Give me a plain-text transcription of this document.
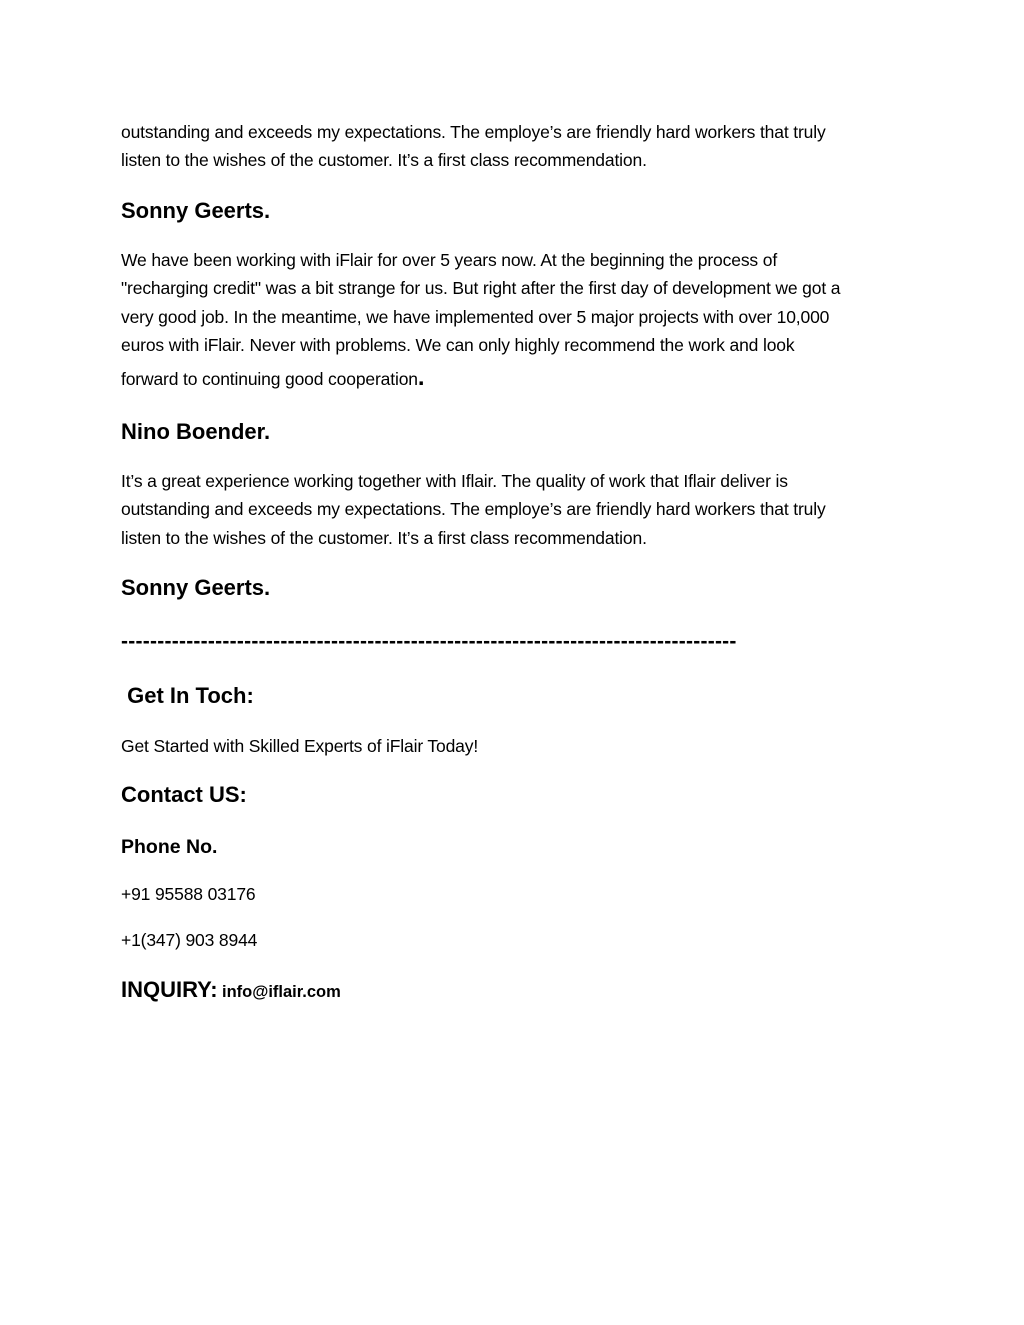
outstanding and exceeds my expectations. The employe’s are friendly hard workers that truly
listen to the wishes of the customer. It’s a first class recommendation.

Sonny Geerts.

We have been working with iFlair for over 5 years now. At the beginning the process of
"recharging credit" was a bit strange for us. But right after the first day of development we got a
very good job. In the meantime, we have implemented over 5 major projects with over 10,000
euros with iFlair. Never with problems. We can only highly recommend the work and look
forward to continuing good cooperation.

Nino Boender.

It’s a great experience working together with Iflair. The quality of work that Iflair deliver is
outstanding and exceeds my expectations. The employe’s are friendly hard workers that truly
listen to the wishes of the customer. It’s a first class recommendation.

Sonny Geerts.
-------------------------------------------------------------------------------------
Get In Toch:
Get Started with Skilled Experts of iFlair Today!
Contact US:
Phone No.
+91 95588 03176
+1(347) 903 8944
INQUIRY: info@iflair.com
